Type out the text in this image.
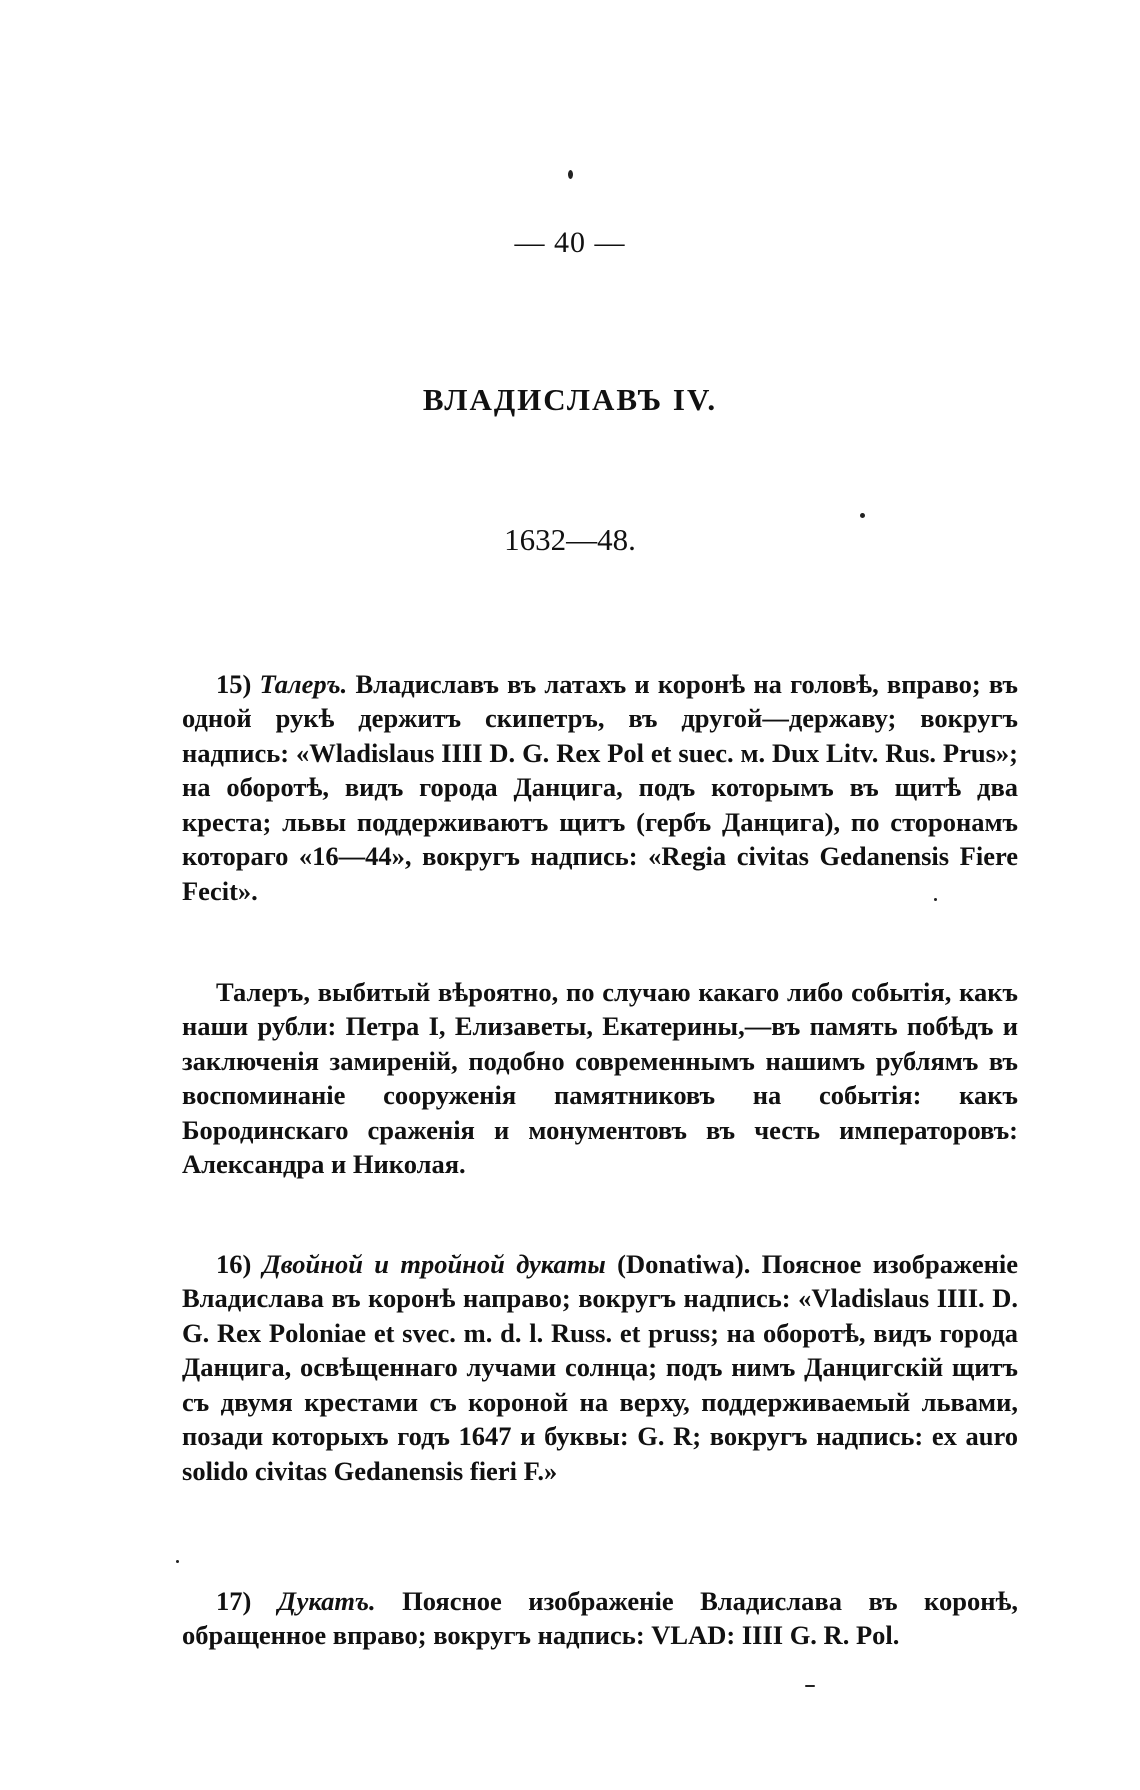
— 40 —
ВЛАДИСЛАВЪ IV.
1632—48.

15) Талеръ. Владиславъ въ латахъ и коронѣ на головѣ, вправо; въ одной рукѣ держитъ скипетръ, въ другой—державу; вокругъ надпись: «Wladislaus IIII D. G. Rex Pol et suec. м. Dux Litv. Rus. Prus»; на оборотѣ, видъ города Данцига, подъ которымъ въ щитѣ два креста; львы поддерживаютъ щитъ (гербъ Данцига), по сторонамъ котораго «16—44», вокругъ надпись: «Regia civitas Gedanensis Fiere Fecit».

Талеръ, выбитый вѣроятно, по случаю какаго либо событiя, какъ наши рубли: Петра I, Елизаветы, Екатерины,—въ память побѣдъ и заключенiя замиренiй, подобно современнымъ нашимъ рублямъ въ воспоминанiе сооруженiя памятниковъ на событiя: какъ Бородинскаго сраженiя и монументовъ въ честь императоровъ: Александра и Николая.

16) Двойной и тройной дукаты (Donatiwa). Поясное изображенiе Владислава въ коронѣ направо; вокругъ надпись: «Vladislaus IIII. D. G. Rex Poloniae et svec. m. d. l. Russ. et pruss; на оборотѣ, видъ города Данцига, освѣщеннаго лучами солнца; подъ нимъ Данцигскiй щитъ съ двумя крестами съ короной на верху, поддерживаемый львами, позади которыхъ годъ 1647 и буквы: G. R; вокругъ надпись: ex auro solido civitas Gedanensis fieri F.»

17) Дукатъ. Поясное изображенiе Владислава въ коронѣ, обращенное вправо; вокругъ надпись: VLAD: IIII G. R. Pol.
